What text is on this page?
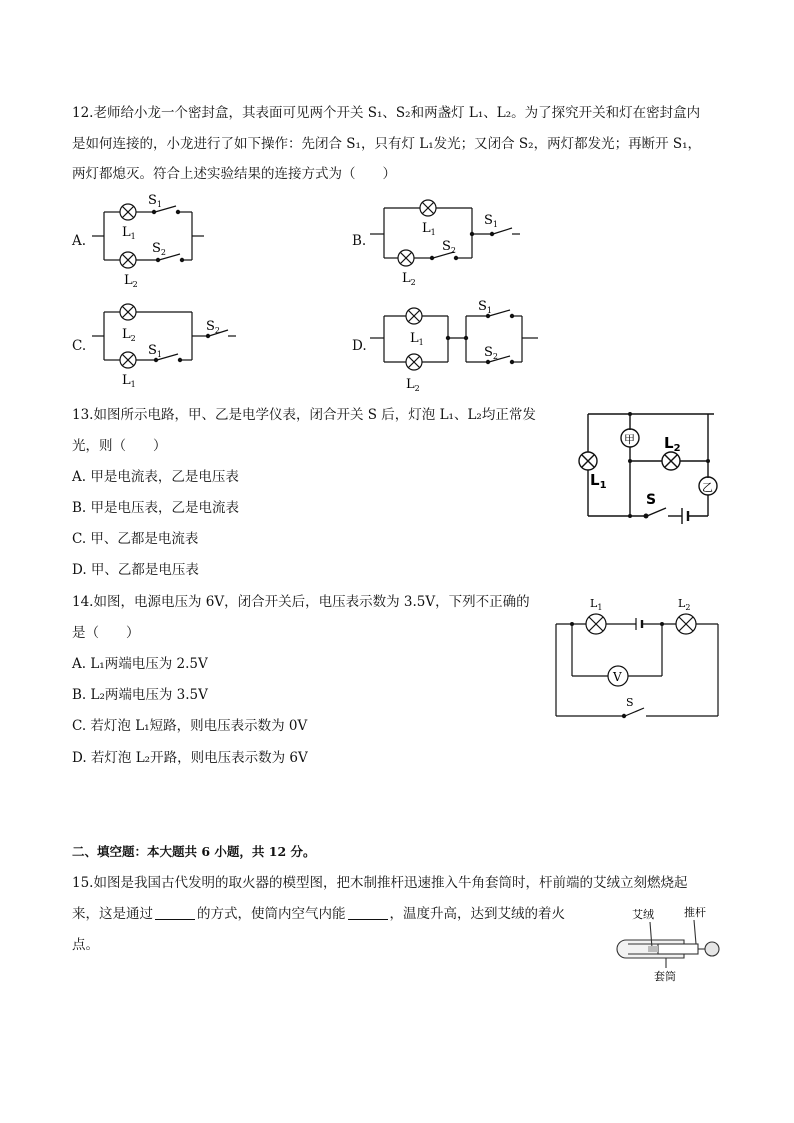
12.老师给小龙一个密封盒，其表面可见两个开关 S₁、S₂和两盏灯 L₁、L₂。为了探究开关和灯在密封盒内
是如何连接的，小龙进行了如下操作：先闭合 S₁，只有灯 L₁发光；又闭合 S₂，两灯都发光；再断开 S₁，
两灯都熄灭。符合上述实验结果的连接方式为（　　）
A.	B.
C.	D.
$S_1$
$L_1$
$S_2$
$L_2$
$L_1$
$S_1$
$S_2$
$L_2$
$L_2$
$S_2$
$S_1$
$L_1$
$L_1$
$S_1$
$S_2$
$L_2$
13.如图所示电路，甲、乙是电学仪表，闭合开关 S 后，灯泡 L₁、L₂均正常发
光，则（　　）
A. 甲是电流表，乙是电压表
B. 甲是电压表，乙是电流表
C. 甲、乙都是电流表
D. 甲、乙都是电压表
甲
乙
$L_1$
$L_2$
S
14.如图，电源电压为 6V，闭合开关后，电压表示数为 3.5V，下列不正确的
是（　　）
A. L₁两端电压为 2.5V
B. L₂两端电压为 3.5V
C. 若灯泡 L₁短路，则电压表示数为 0V
D. 若灯泡 L₂开路，则电压表示数为 6V
V
$L_1$	$L_2$
S
二、填空题：本大题共 6 小题，共 12 分。
15.如图是我国古代发明的取火器的模型图，把木制推杆迅速推入牛角套筒时，杆前端的艾绒立刻燃烧起
来，这是通过	的方式，使筒内空气内能	，温度升高，达到艾绒的着火
点。
艾绒	推杆
套筒
